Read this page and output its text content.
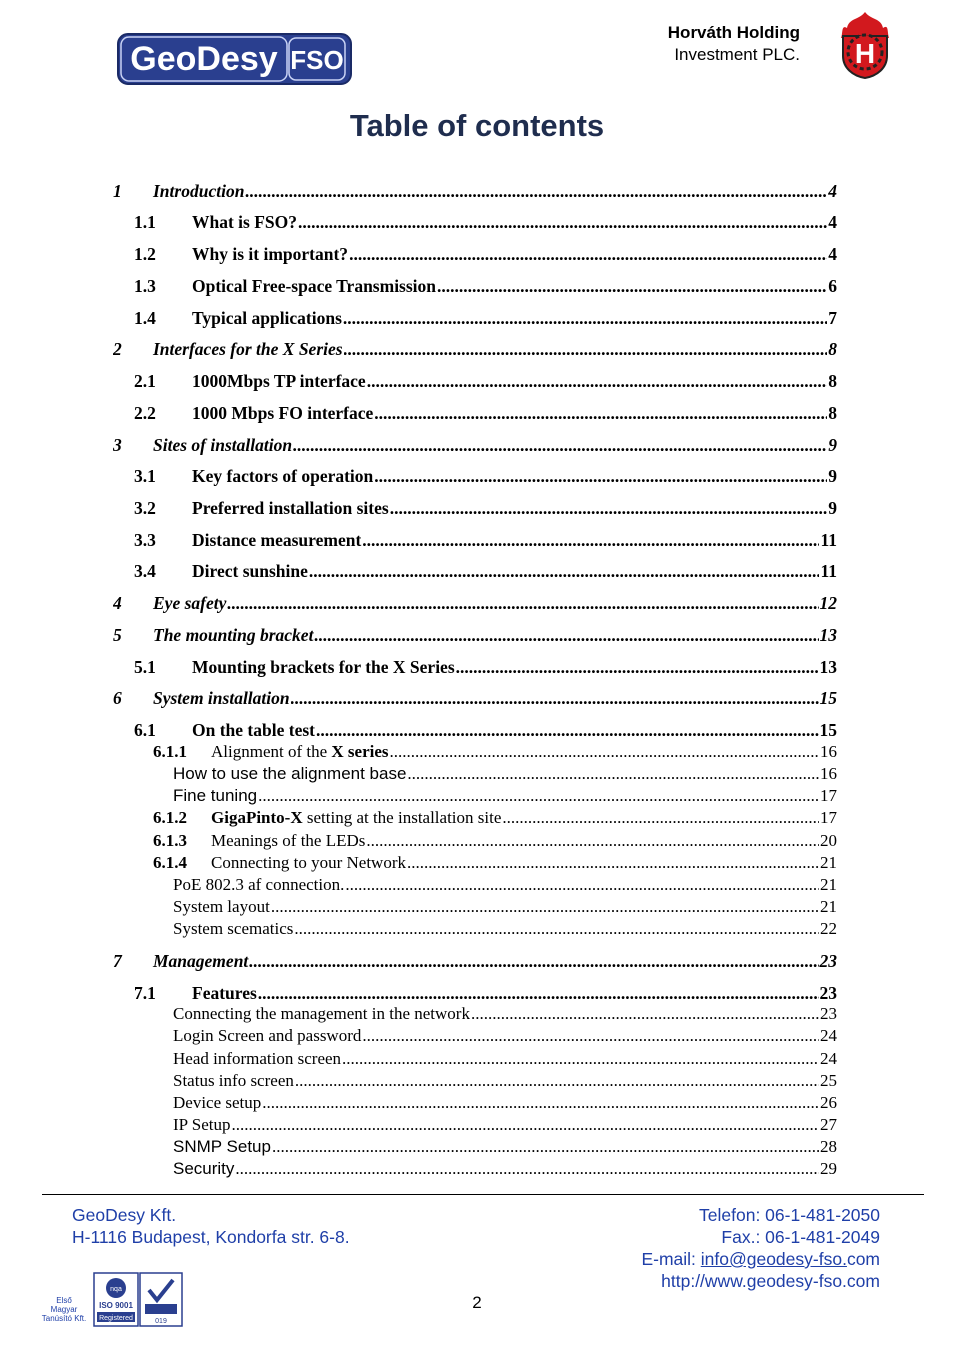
GeoDesy FSO
Horváth Holding
Investment PLC. H
Table of contents
1	Introduction .....	4
1.1	What is FSO? .....	4
1.2	Why is it important? .....	4
1.3	Optical Free-space Transmission .....	6
1.4	Typical applications .....	7
2	Interfaces for the X Series .....	8
2.1	1000Mbps TP interface .....	8
2.2	1000 Mbps FO interface .....	8
3	Sites of installation .....	9
3.1	Key factors of operation .....	9
3.2	Preferred installation sites .....	9
3.3	Distance measurement .....	11
3.4	Direct sunshine .....	11
4	Eye safety .....	12
5	The mounting bracket .....	13
5.1	Mounting brackets for the X Series .....	13
6	System installation .....	15
6.1	On the table test .....	15
6.1.1	Alignment of the X series .....	16
How to use the alignment base .....	16
Fine tuning .....	17
6.1.2	GigaPinto-X setting at the installation site .....	17
6.1.3	Meanings of the LEDs .....	20
6.1.4	Connecting to your Network .....	21
PoE 802.3 af connection. .....	21
System layout .....	21
System scematics .....	22
7	Management .....	23
7.1	Features .....	23
Connecting the management in the network .....	23
Login Screen and password .....	24
Head information screen .....	24
Status info screen .....	25
Device setup .....	26
IP Setup .....	27
SNMP Setup .....	28
Security .....	29
GeoDesy Kft.
H-1116 Budapest, Kondorfa str. 6-8.
Telefon: 06-1-481-2050
Fax.: 06-1-481-2049
E-mail: info@geodesy-fso.com
http://www.geodesy-fso.com
2
Első
Magyar
Tanúsító Kft.
nqa
ISO 9001
Registered	019
